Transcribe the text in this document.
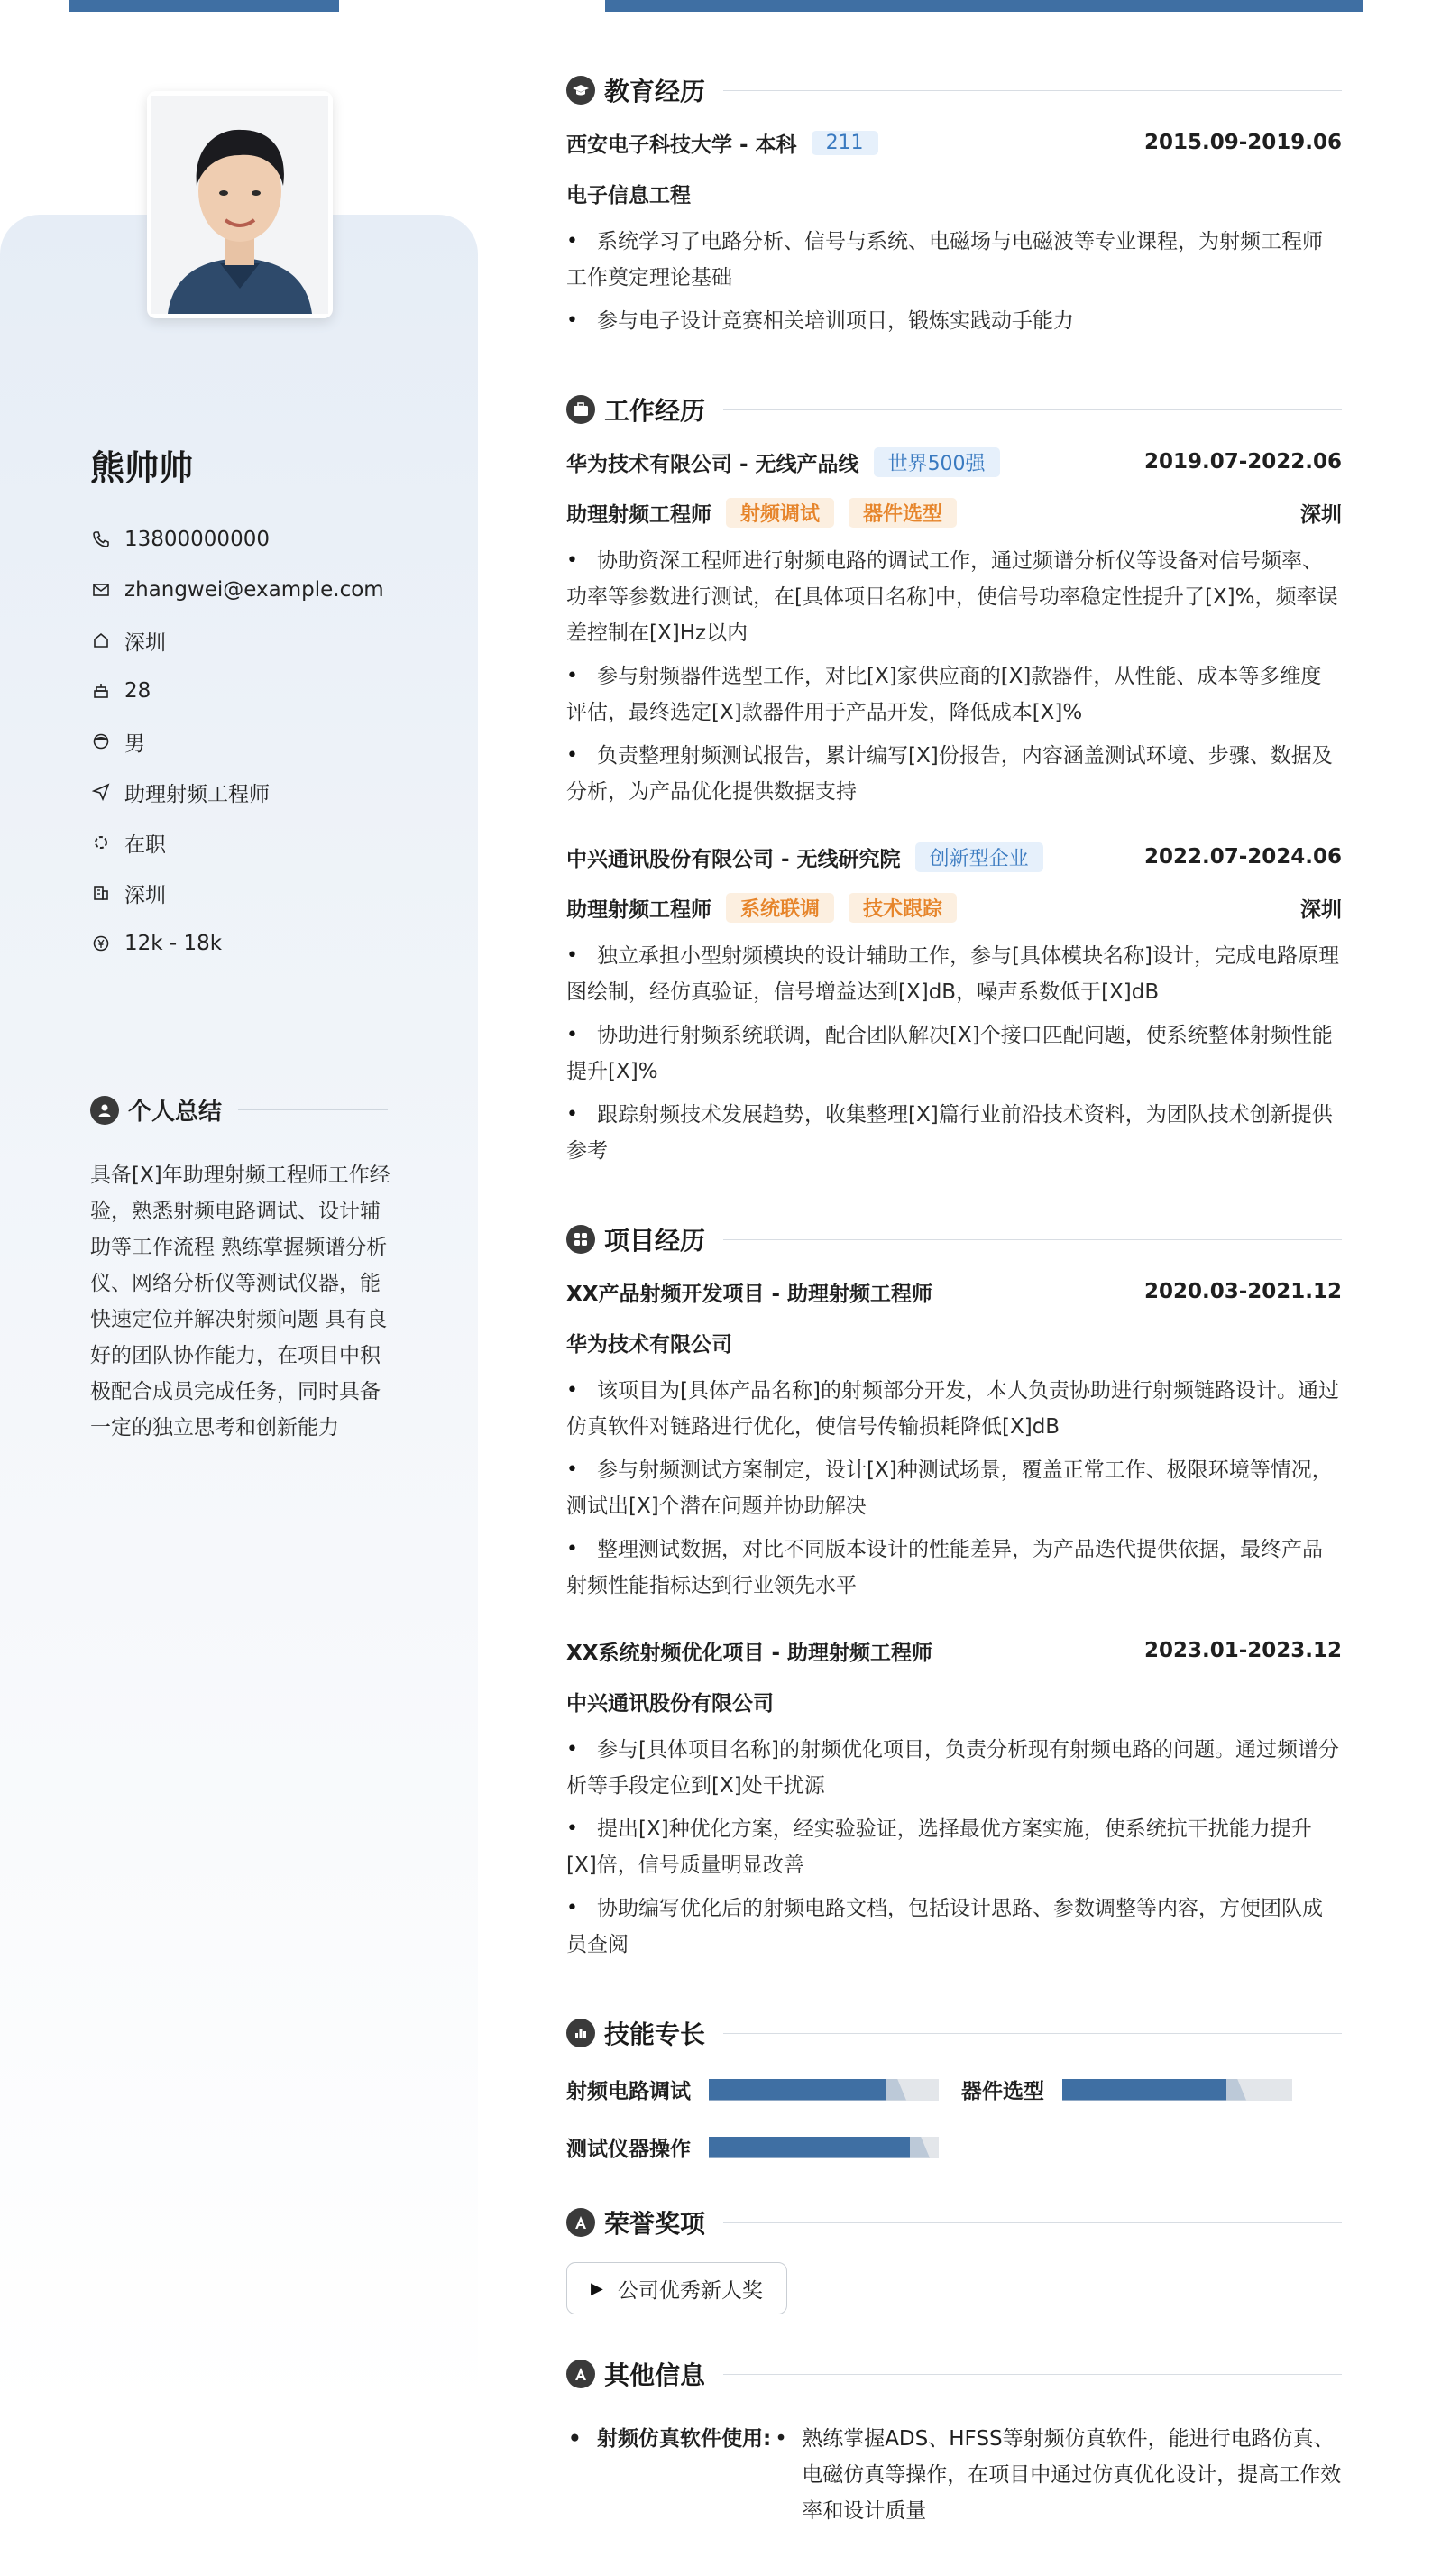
熊帅帅
13800000000
zhangwei@example.com
深圳
28
男
助理射频工程师
在职
深圳
12k - 18k
个人总结
具备[X]年助理射频工程师工作经验，熟悉射频电路调试、设计辅助等工作流程 熟练掌握频谱分析仪、网络分析仪等测试仪器，能快速定位并解决射频问题 具有良好的团队协作能力，在项目中积极配合成员完成任务，同时具备一定的独立思考和创新能力
教育经历
西安电子科技大学 - 本科	211	2015.09-2019.06
电子信息工程
• 系统学习了电路分析、信号与系统、电磁场与电磁波等专业课程，为射频工程师工作奠定理论基础
• 参与电子设计竞赛相关培训项目，锻炼实践动手能力
工作经历
华为技术有限公司 - 无线产品线	世界500强	2019.07-2022.06
助理射频工程师	射频调试	器件选型	深圳
• 协助资深工程师进行射频电路的调试工作，通过频谱分析仪等设备对信号频率、功率等参数进行测试，在[具体项目名称]中，使信号功率稳定性提升了[X]%，频率误差控制在[X]Hz以内
• 参与射频器件选型工作，对比[X]家供应商的[X]款器件，从性能、成本等多维度评估，最终选定[X]款器件用于产品开发，降低成本[X]%
• 负责整理射频测试报告，累计编写[X]份报告，内容涵盖测试环境、步骤、数据及分析，为产品优化提供数据支持
中兴通讯股份有限公司 - 无线研究院	创新型企业	2022.07-2024.06
助理射频工程师	系统联调	技术跟踪	深圳
• 独立承担小型射频模块的设计辅助工作，参与[具体模块名称]设计，完成电路原理图绘制，经仿真验证，信号增益达到[X]dB，噪声系数低于[X]dB
• 协助进行射频系统联调，配合团队解决[X]个接口匹配问题，使系统整体射频性能提升[X]%
• 跟踪射频技术发展趋势，收集整理[X]篇行业前沿技术资料，为团队技术创新提供参考
项目经历
XX产品射频开发项目 - 助理射频工程师	2020.03-2021.12
华为技术有限公司
• 该项目为[具体产品名称]的射频部分开发，本人负责协助进行射频链路设计。通过仿真软件对链路进行优化，使信号传输损耗降低[X]dB
• 参与射频测试方案制定，设计[X]种测试场景，覆盖正常工作、极限环境等情况，测试出[X]个潜在问题并协助解决
• 整理测试数据，对比不同版本设计的性能差异，为产品迭代提供依据，最终产品射频性能指标达到行业领先水平
XX系统射频优化项目 - 助理射频工程师	2023.01-2023.12
中兴通讯股份有限公司
• 参与[具体项目名称]的射频优化项目，负责分析现有射频电路的问题。通过频谱分析等手段定位到[X]处干扰源
• 提出[X]种优化方案，经实验验证，选择最优方案实施，使系统抗干扰能力提升[X]倍，信号质量明显改善
• 协助编写优化后的射频电路文档，包括设计思路、参数调整等内容，方便团队成员查阅
技能专长
射频电路调试	器件选型
测试仪器操作
荣誉奖项
▶ 公司优秀新人奖
其他信息
• 射频仿真软件使用:
•	熟练掌握ADS、HFSS等射频仿真软件，能进行电路仿真、电磁仿真等操作，在项目中通过仿真优化设计，提高工作效率和设计质量
